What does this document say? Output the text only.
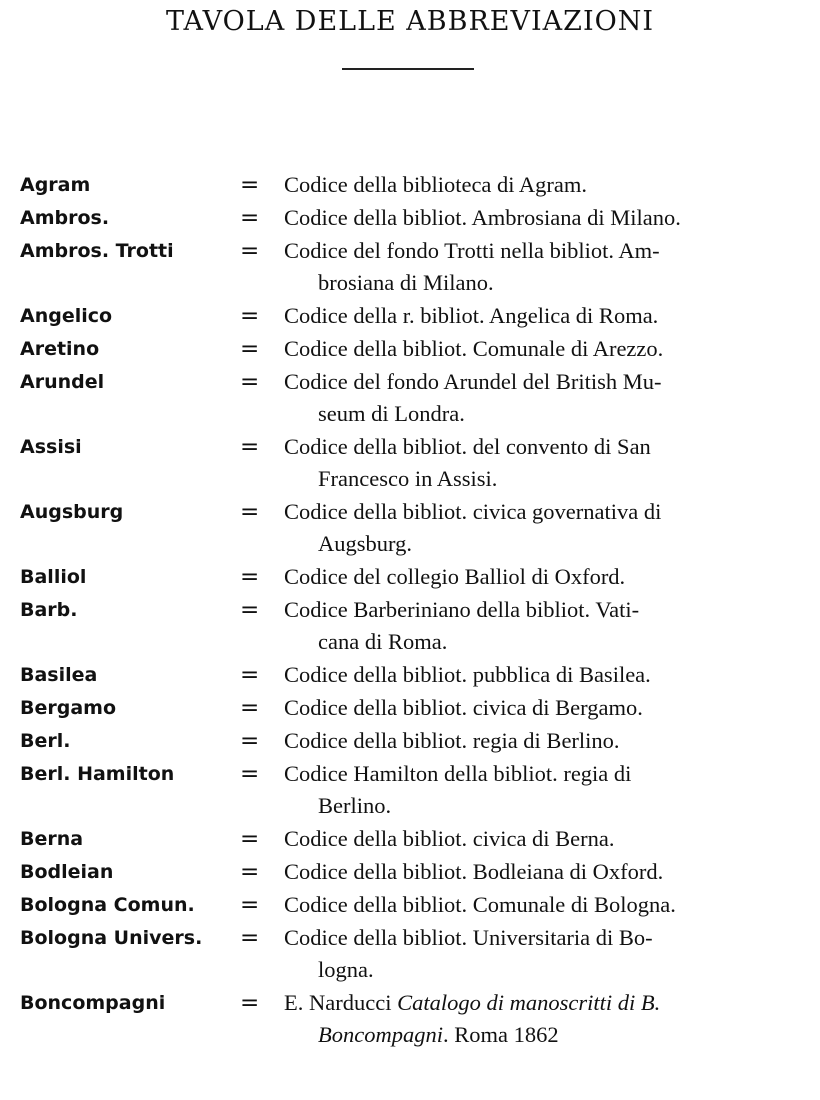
TAVOLA DELLE ABBREVIAZIONI
Agram	= Codice della biblioteca di Agram.
Ambros.	= Codice della bibliot. Ambrosiana di Milano.
Ambros. Trotti	= Codice del fondo Trotti nella bibliot. Am-
brosiana di Milano.
Angelico	= Codice della r. bibliot. Angelica di Roma.
Aretino	= Codice della bibliot. Comunale di Arezzo.
Arundel	= Codice del fondo Arundel del British Mu-
seum di Londra.
Assisi	= Codice della bibliot. del convento di San
Francesco in Assisi.
Augsburg	= Codice della bibliot. civica governativa di
Augsburg.
Balliol	= Codice del collegio Balliol di Oxford.
Barb.	= Codice Barberiniano della bibliot. Vati-
cana di Roma.
Basilea	= Codice della bibliot. pubblica di Basilea.
Bergamo	= Codice della bibliot. civica di Bergamo.
Berl.	= Codice della bibliot. regia di Berlino.
Berl. Hamilton	= Codice Hamilton della bibliot. regia di
Berlino.
Berna	= Codice della bibliot. civica di Berna.
Bodleian	= Codice della bibliot. Bodleiana di Oxford.
Bologna Comun. = Codice della bibliot. Comunale di Bologna.
Bologna Univers. = Codice della bibliot. Universitaria di Bo-
logna.
Boncompagni	= E. Narducci Catalogo di manoscritti di B.
Boncompagni. Roma 1862
